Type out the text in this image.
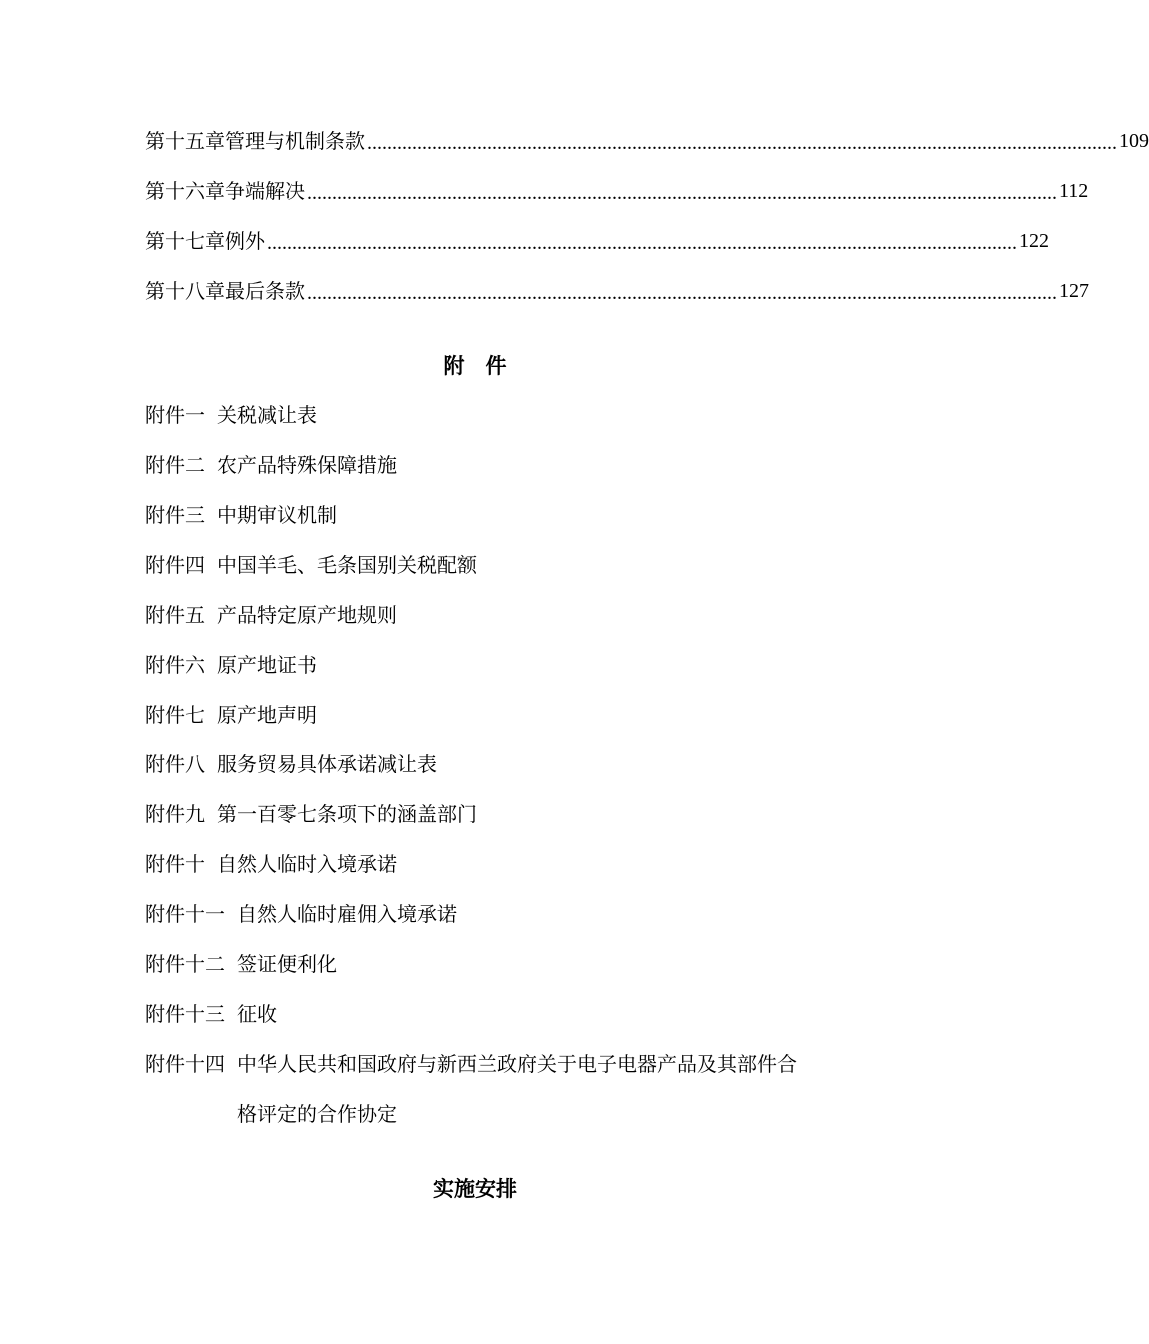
第十五章 管理与机制条款 ...................................................................................................................................................... 109
第十六章 争端解决 ...................................................................................................................................................... 112
第十七章 例外 ...................................................................................................................................................... 122
第十八章 最后条款 ...................................................................................................................................................... 127
附　件
附件一 关税减让表
附件二 农产品特殊保障措施
附件三 中期审议机制
附件四 中国羊毛、毛条国别关税配额
附件五 产品特定原产地规则
附件六 原产地证书
附件七 原产地声明
附件八 服务贸易具体承诺减让表
附件九 第一百零七条项下的涵盖部门
附件十 自然人临时入境承诺
附件十一 自然人临时雇佣入境承诺
附件十二 签证便利化
附件十三 征收
附件十四 中华人民共和国政府与新西兰政府关于电子电器产品及其部件合格评定的合作协定
实施安排
